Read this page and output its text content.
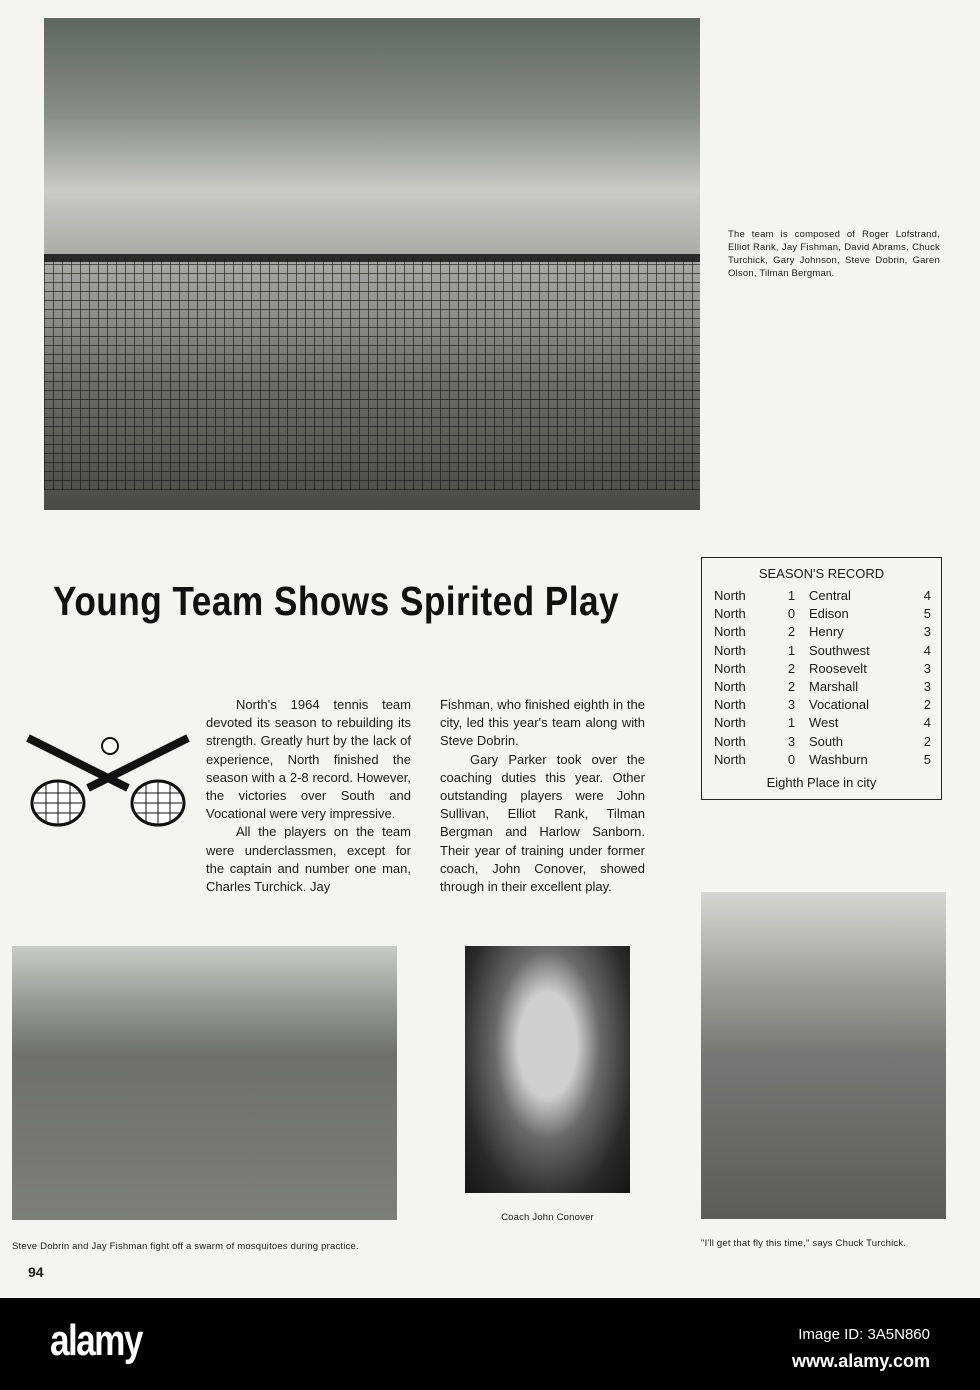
The team is composed of Roger Lofstrand, Elliot Rank, Jay Fishman, David Abrams, Chuck Turchick, Gary Johnson, Steve Dobrin, Garen Olson, Tilman Bergman.
Young Team Shows Spirited Play

North's 1964 tennis team devoted its season to rebuilding its strength. Greatly hurt by the lack of experience, North finished the season with a 2-8 record. However, the victories over South and Vocational were very impressive.

All the players on the team were underclassmen, except for the captain and number one man, Charles Turchick. Jay

Fishman, who finished eighth in the city, led this year's team along with Steve Dobrin.

Gary Parker took over the coaching duties this year. Other outstanding players were John Sullivan, Elliot Rank, Tilman Bergman and Harlow Sanborn. Their year of training under former coach, John Conover, showed through in their excellent play.

SEASON'S RECORD
North	1	Central	4
North	0	Edison	5
North	2	Henry	3
North	1	Southwest	4
North	2	Roosevelt	3
North	2	Marshall	3
North	3	Vocational	2
North	1	West	4
North	3	South	2
North	0	Washburn	5
Eighth Place in city
Steve Dobrin and Jay Fishman fight off a swarm of mosquitoes during practice.
Coach John Conover
"I'll get that fly this time," says Chuck Turchick.
94
alamy	Image ID: 3A5N860
www.alamy.com
